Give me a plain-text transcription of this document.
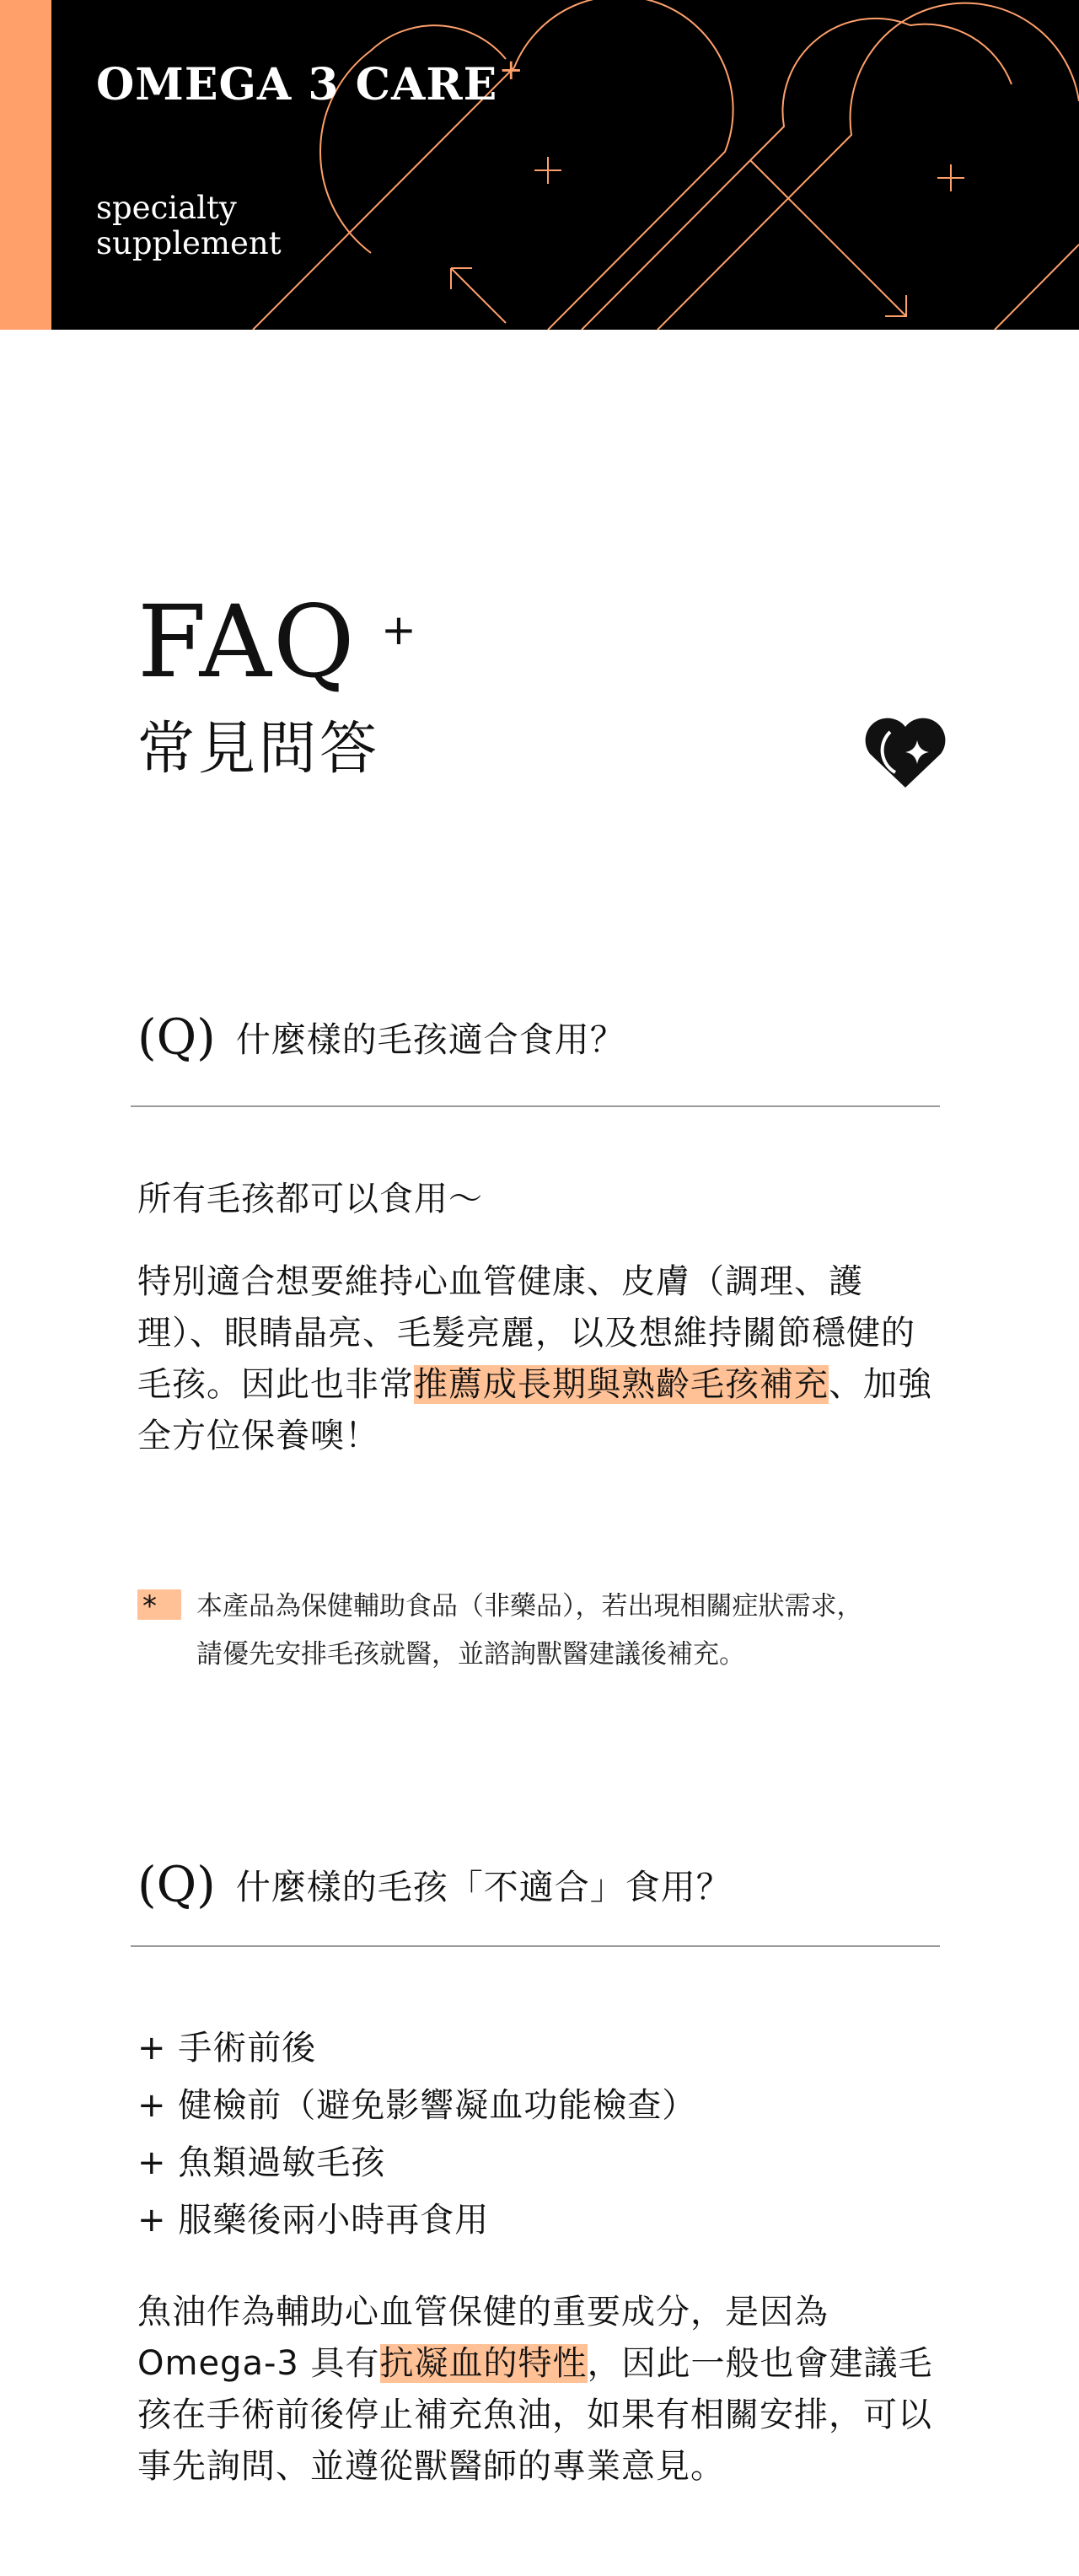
OMEGA 3 CARE +
specialty
supplement
FAQ +
常見問答
(Q) 什麼樣的毛孩適合食用？
所有毛孩都可以食用～
特別適合想要維持心血管健康、皮膚（調理、護理）、眼睛晶亮、毛髮亮麗，以及想維持關節穩健的毛孩。因此也非常推薦成長期與熟齡毛孩補充、加強全方位保養噢！
*	本產品為保健輔助食品（非藥品），若出現相關症狀需求，
請優先安排毛孩就醫，並諮詢獸醫建議後補充。
(Q) 什麼樣的毛孩「不適合」食用？
+ 手術前後
+ 健檢前（避免影響凝血功能檢查）
+ 魚類過敏毛孩
+ 服藥後兩小時再食用
魚油作為輔助心血管保健的重要成分，是因為Omega-3 具有抗凝血的特性，因此一般也會建議毛孩在手術前後停止補充魚油，如果有相關安排，可以事先詢問、並遵從獸醫師的專業意見。
